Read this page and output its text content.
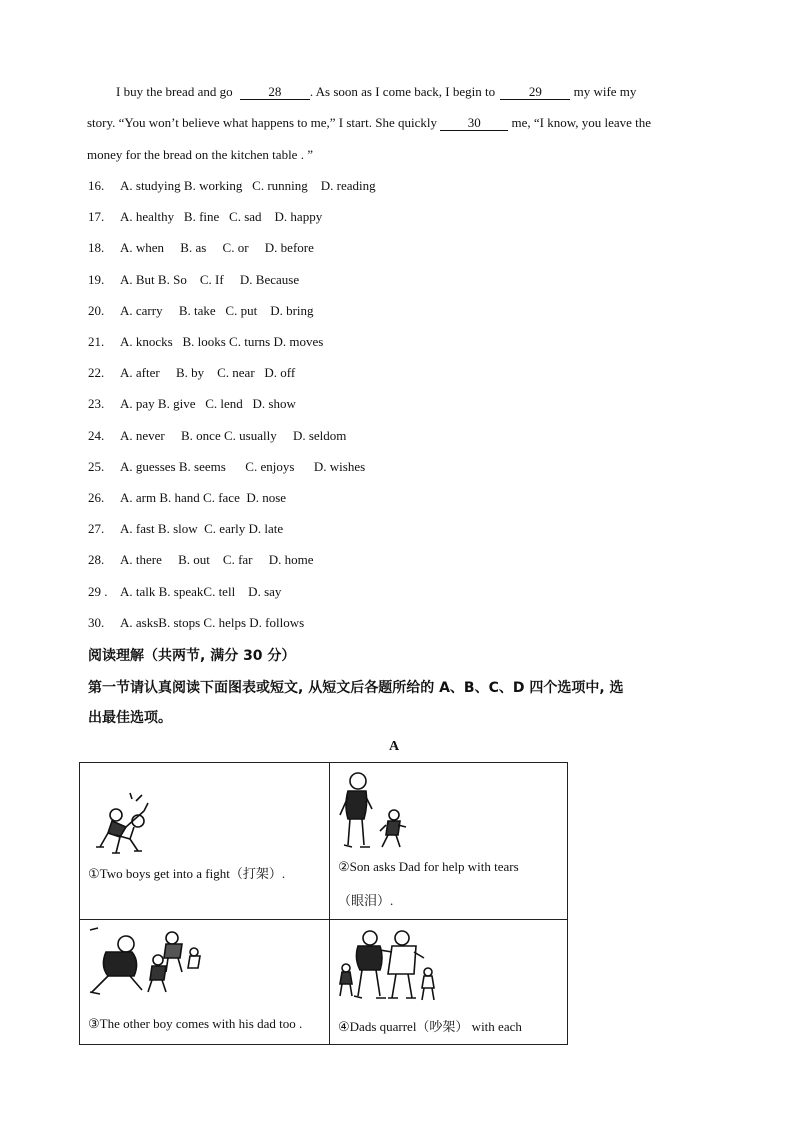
I buy the bread and go	28 . As soon as I come back, I begin to	29 my wife my
story. “You won’t believe what happens to me,” I start. She quickly 30 me, “I know, you leave the
money for the bread on the kitchen table . ”
16. A. studying B. working   C. running    D. reading
17. A. healthy   B. fine   C. sad    D. happy
18. A. when     B. as     C. or     D. before
19. A. But B. So    C. If     D. Because
20. A. carry     B. take   C. put    D. bring
21. A. knocks   B. looks C. turns D. moves
22. A. after     B. by    C. near   D. off
23. A. pay B. give   C. lend   D. show
24. A. never     B. once C. usually     D. seldom
25. A. guesses B. seems      C. enjoys      D. wishes
26. A. arm B. hand C. face  D. nose
27. A. fast B. slow  C. early D. late
28. A. there     B. out    C. far     D. home
29 . A. talk B. speakC. tell    D. say
30. A. asksB. stops C. helps D. follows
阅读理解（共两节, 满分 30 分）
第一节请认真阅读下面图表或短文, 从短文后各题所给的 A、B、C、D 四个选项中, 选
出最佳选项。
A
①Two boys get into a fight（打架）.	②Son asks Dad for help with tears
（眼泪）.

③The other boy comes with his dad too .	④Dads quarrel（吵架） with each
